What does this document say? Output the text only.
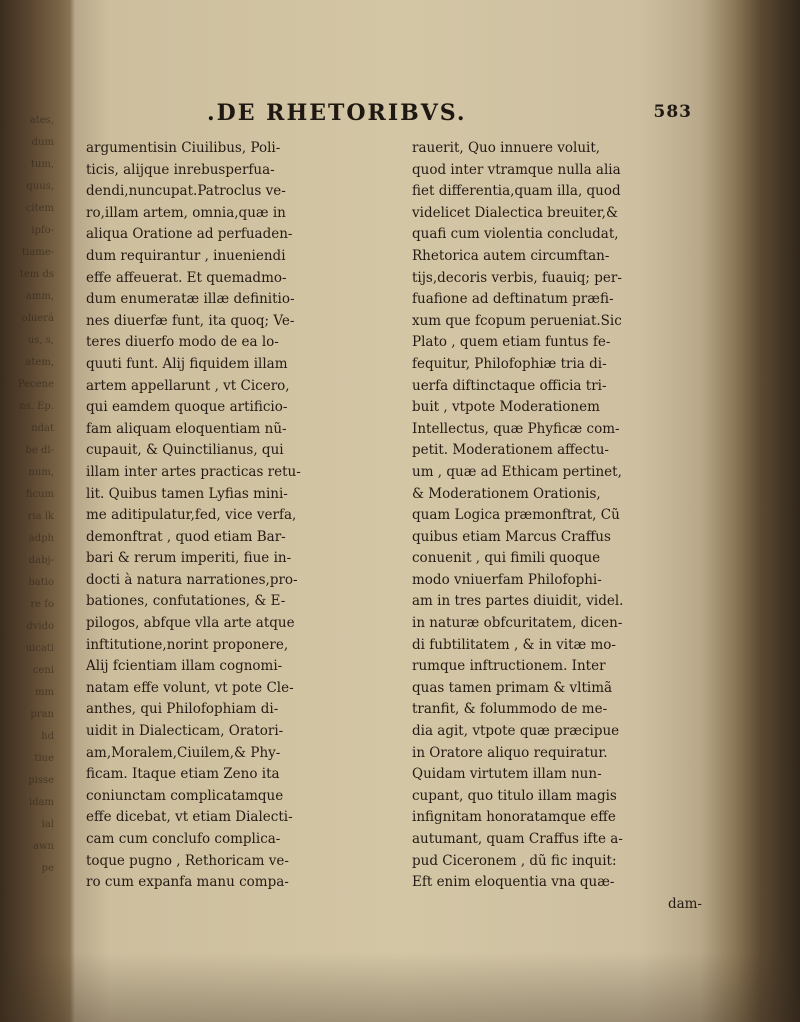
ates,
dum
tum,
quus,
citem
ipfo-
tiame-
tem ds
amm,
oluerá
us, s,
atem,
Pecene
ns. Ep.
ndat
be dl-
num,
ficum
ria lk
adph
dabj-
batio
re fo
dvido
uicati
ceni
mm
pran
hd
tiue
pisse
idam
ial
awn
pe
.DE RHETORIBVS.	583
argumentisin Ciuilibus, Poli-
ticis, alijque inrebusperfua-
dendi,nuncupat.Patroclus ve-
ro,illam artem, omnia,quæ in
aliqua Oratione ad perfuaden-
dum requirantur , inueniendi
effe affeuerat. Et quemadmo-
dum enumeratæ illæ definitio-
nes diuerfæ funt, ita quoq; Ve-
teres diuerfo modo de ea lo-
quuti funt. Alij fiquidem illam
artem appellarunt , vt Cicero,
qui eamdem quoque artificio-
fam aliquam eloquentiam nũ-
cupauit, & Quinctilianus, qui
illam inter artes practicas retu-
lit. Quibus tamen Lyfias mini-
me aditipulatur,fed, vice verfa,
demonftrat , quod etiam Bar-
bari & rerum imperiti, fiue in-
docti à natura narrationes,pro-
bationes, confutationes, & E-
pilogos, abfque vlla arte atque
inftitutione,norint proponere,
Alij fcientiam illam cognomi-
natam effe volunt, vt pote Cle-
anthes, qui Philofophiam di-
uidit in Dialecticam, Oratori-
am,Moralem,Ciuilem,& Phy-
ficam. Itaque etiam Zeno ita
coniunctam complicatamque
effe dicebat, vt etiam Dialecti-
cam cum conclufo complica-
toque pugno , Rethoricam ve-
ro cum expanfa manu compa-
rauerit, Quo innuere voluit,
quod inter vtramque nulla alia
fiet differentia,quam illa, quod
videlicet Dialectica breuiter,&
quafi cum violentia concludat,
Rhetorica autem circumftan-
tijs,decoris verbis, fuauiq; per-
fuafione ad deftinatum præfi-
xum que fcopum perueniat.Sic
Plato , quem etiam funtus fe-
fequitur, Philofophiæ tria di-
uerfa diftinctaque officia tri-
buit , vtpote Moderationem
Intellectus, quæ Phyficæ com-
petit. Moderationem affectu-
um , quæ ad Ethicam pertinet,
& Moderationem Orationis,
quam Logica præmonftrat, Cũ
quibus etiam Marcus Craffus
conuenit , qui fimili quoque
modo vniuerfam Philofophi-
am in tres partes diuidit, videl.
in naturæ obfcuritatem, dicen-
di fubtilitatem , & in vitæ mo-
rumque inftructionem. Inter
quas tamen primam & vltimã
tranfit, & folummodo de me-
dia agit, vtpote quæ præcipue
in Oratore aliquo requiratur.
Quidam virtutem illam nun-
cupant, quo titulo illam magis
infignitam honoratamque effe
autumant, quam Craffus ifte a-
pud Ciceronem , dũ fic inquit:
Eft enim eloquentia vna quæ-
dam-
